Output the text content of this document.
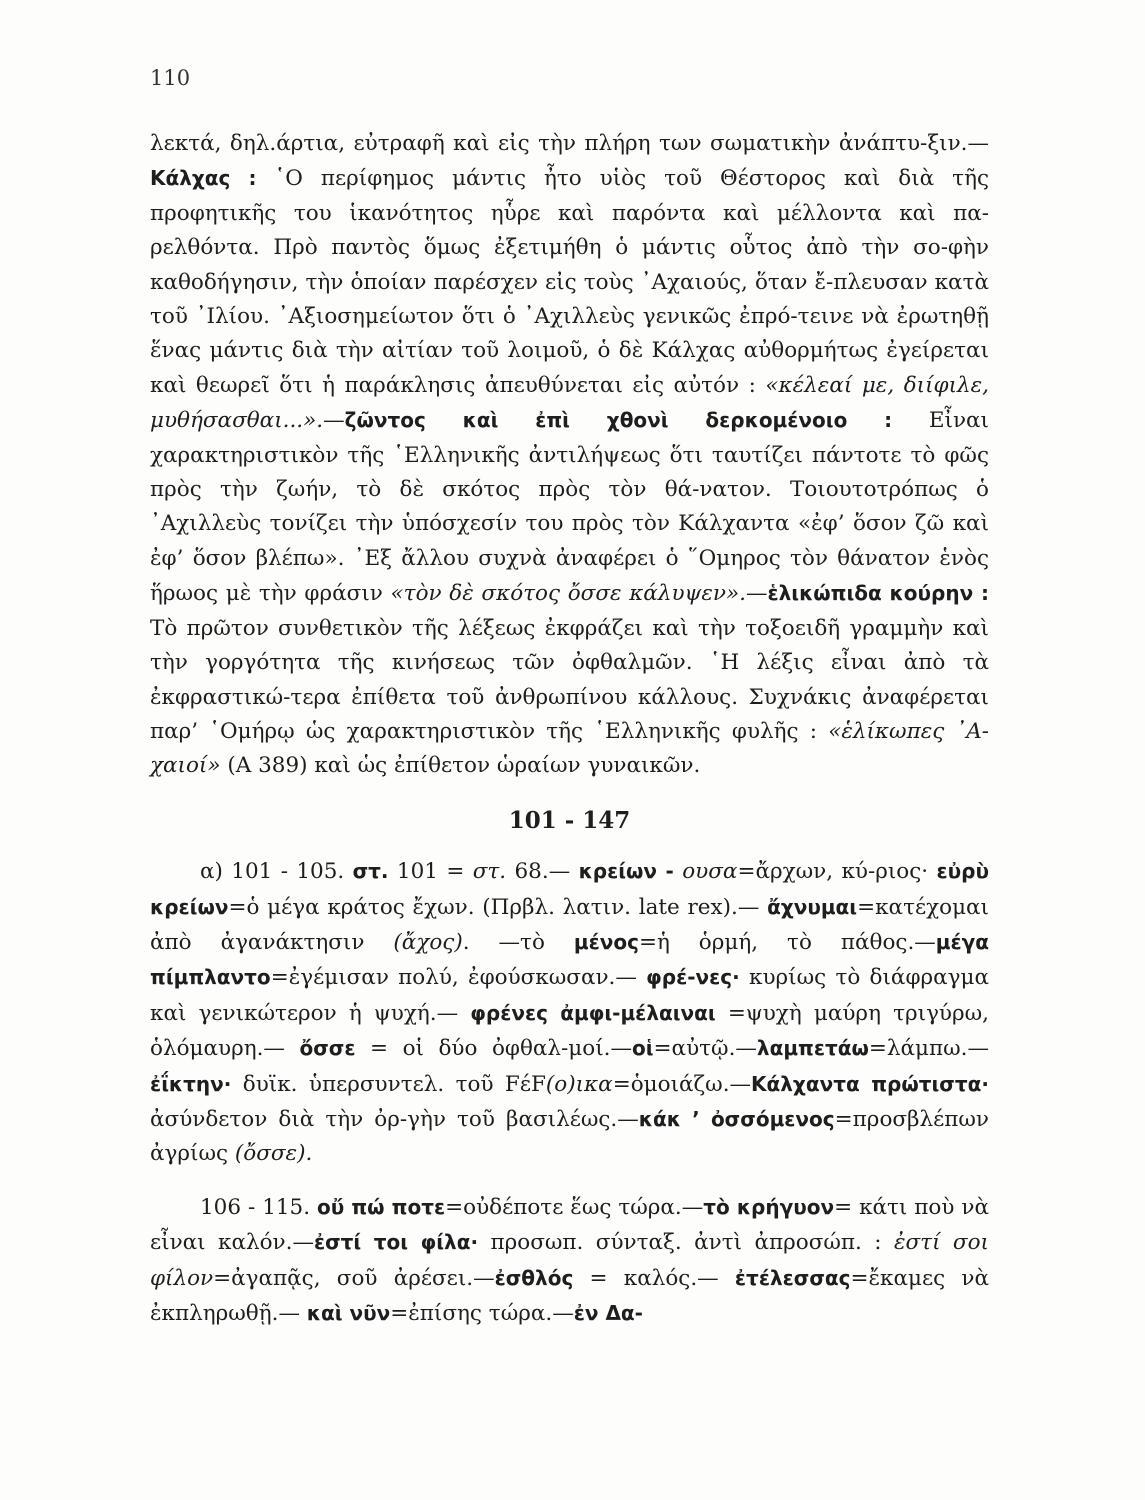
110

λεκτά, δηλ.άρτια, εὐτραφῆ καὶ εἰς τὴν πλήρη των σωματικὴν ἀνάπτυ-ξιν.—Κάλχας : ῾Ο περίφημος μάντις ἦτο υἱὸς τοῦ Θέστορος καὶ διὰ τῆς προφητικῆς του ἱκανότητος ηὗρε καὶ παρόντα καὶ μέλλοντα καὶ πα-ρελθόντα. Πρὸ παντὸς ὅμως ἐξετιμήθη ὁ μάντις οὗτος ἀπὸ τὴν σο-φὴν καθοδήγησιν, τὴν ὁποίαν παρέσχεν εἰς τοὺς ᾿Αχαιούς, ὅταν ἔ-πλευσαν κατὰ τοῦ ᾿Ιλίου. ᾿Αξιοσημείωτον ὅτι ὁ ᾿Αχιλλεὺς γενικῶς ἐπρό-τεινε νὰ ἐρωτηθῇ ἕνας μάντις διὰ τὴν αἰτίαν τοῦ λοιμοῦ, ὁ δὲ Κάλχας αὐθορμήτως ἐγείρεται καὶ θεωρεῖ ὅτι ἡ παράκλησις ἀπευθύνεται εἰς αὐτόν : «κέλεαί με, διίφιλε, μυθήσασθαι...».—ζῶντος καὶ ἐπὶ χθονὶ δερκομένοιο : Εἶναι χαρακτηριστικὸν τῆς ῾Ελληνικῆς ἀντιλήψεως ὅτι ταυτίζει πάντοτε τὸ φῶς πρὸς τὴν ζωήν, τὸ δὲ σκότος πρὸς τὸν θά-νατον. Τοιουτοτρόπως ὁ ᾿Αχιλλεὺς τονίζει τὴν ὑπόσχεσίν του πρὸς τὸν Κάλχαντα «ἐφ’ ὅσον ζῶ καὶ ἐφ’ ὅσον βλέπω». ᾿Εξ ἄλλου συχνὰ ἀναφέρει ὁ ῞Ομηρος τὸν θάνατον ἑνὸς ἥρωος μὲ τὴν φράσιν «τὸν δὲ σκότος ὄσσε κάλυψεν».—ἑλικώπιδα κούρην : Τὸ πρῶτον συνθετικὸν τῆς λέξεως ἐκφράζει καὶ τὴν τοξοειδῆ γραμμὴν καὶ τὴν γοργότητα τῆς κινήσεως τῶν ὀφθαλμῶν. ῾Η λέξις εἶναι ἀπὸ τὰ ἐκφραστικώ-τερα ἐπίθετα τοῦ ἀνθρωπίνου κάλλους. Συχνάκις ἀναφέρεται παρ’ ῾Ομήρῳ ὡς χαρακτηριστικὸν τῆς ῾Ελληνικῆς φυλῆς : «ἑλίκωπες ᾿Α-χαιοί» (Α 389) καὶ ὡς ἐπίθετον ὡραίων γυναικῶν.

101 - 147

α) 101 - 105. στ. 101 = στ. 68.— κρείων - ουσα=ἄρχων, κύ-ριος· εὐρὺ κρείων=ὁ μέγα κράτος ἔχων. (Πρβλ. λατιν. late rex).— ἄχνυμαι=κατέχομαι ἀπὸ ἀγανάκτησιν (ἄχος). —τὸ μένος=ἡ ὁρμή, τὸ πάθος.—μέγα πίμπλαντο=ἐγέμισαν πολύ, ἐφούσκωσαν.— φρέ-νες· κυρίως τὸ διάφραγμα καὶ γενικώτερον ἡ ψυχή.— φρένες ἀμφι-μέλαιναι =ψυχὴ μαύρη τριγύρω, ὁλόμαυρη.— ὄσσε = οἱ δύο ὀφθαλ-μοί.—οἱ=αὐτῷ.—λαμπετάω=λάμπω.—ἐΐκτην· δυϊκ. ὑπερσυντελ. τοῦ FέF(ο)ικα=ὁμοιάζω.—Κάλχαντα πρώτιστα· ἀσύνδετον διὰ τὴν ὀρ-γὴν τοῦ βασιλέως.—κάκ ’ ὀσσόμενος=προσβλέπων ἀγρίως (ὄσσε).

106 - 115. οὔ πώ ποτε=οὐδέποτε ἕως τώρα.—τὸ κρήγυον= κάτι ποὺ νὰ εἶναι καλόν.—ἐστί τοι φίλα· προσωπ. σύνταξ. ἀντὶ ἀπροσώπ. : ἐστί σοι φίλον=ἀγαπᾷς, σοῦ ἀρέσει.—ἐσθλός = καλός.— ἐτέλεσσας=ἔκαμες νὰ ἐκπληρωθῇ.— καὶ νῦν=ἐπίσης τώρα.—ἐν Δα-
